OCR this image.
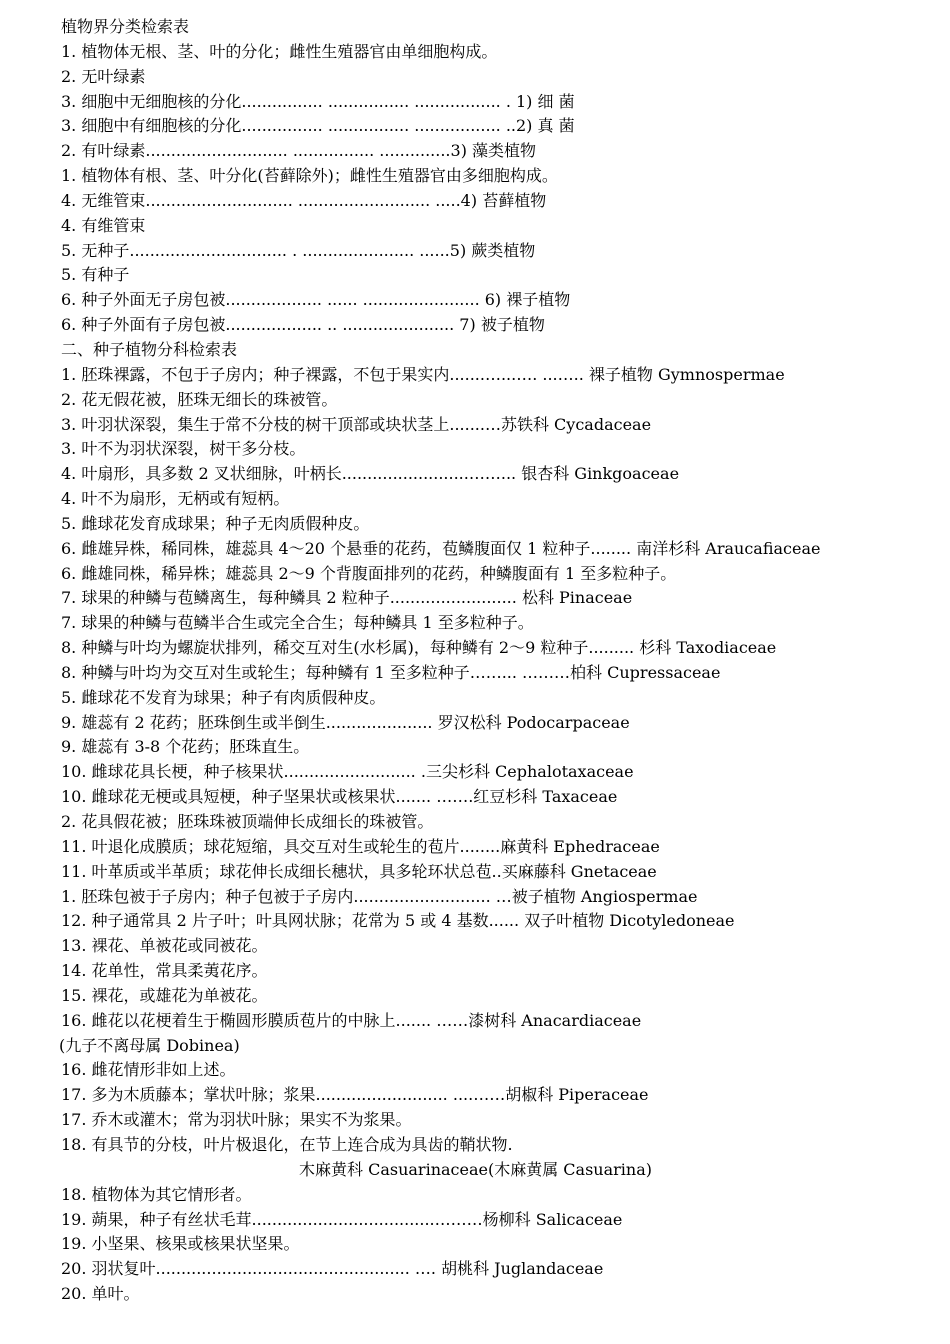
植物界分类检索表
1. 植物体无根、茎、叶的分化；雌性生殖器官由单细胞构成。
2. 无叶绿素
3. 细胞中无细胞核的分化................ ................ ................. . 1) 细 菌
3. 细胞中有细胞核的分化................ ................ ................. ..2) 真 菌
2. 有叶绿素............................ ................ ..............3) 藻类植物
1. 植物体有根、茎、叶分化(苔藓除外)；雌性生殖器官由多细胞构成。
4. 无维管束............................. .......................... .....4) 苔藓植物
4. 有维管束
5. 无种子............................... . ...................... ......5) 蕨类植物
5. 有种子
6. 种子外面无子房包被................... ...... ....................... 6) 裸子植物
6. 种子外面有子房包被................... .. ...................... 7) 被子植物
二、种子植物分科检索表
1. 胚珠裸露，不包于子房内；种子裸露，不包于果实内.......…...…. ...….. 裸子植物 Gymnospermae
2. 花无假花被，胚珠无细长的珠被管。
3. 叶羽状深裂，集生于常不分枝的树干顶部或块状茎上.......…苏铁科 Cycadaceae
3. 叶不为羽状深裂，树干多分枝。
4. 叶扇形，具多数 2 叉状细脉，叶柄长.........................……... 银杏科 Ginkgoaceae
4. 叶不为扇形，无柄或有短柄。
5. 雌球花发育成球果；种子无肉质假种皮。
6. 雌雄异株，稀同株，雄蕊具 4～20 个悬垂的花药，苞鳞腹面仅 1 粒种子........ 南洋杉科 Araucafiaceae
6. 雌雄同株，稀异株；雄蕊具 2～9 个背腹面排列的花药，种鳞腹面有 1 至多粒种子。
7. 球果的种鳞与苞鳞离生，每种鳞具 2 粒种子......................... 松科 Pinaceae
7. 球果的种鳞与苞鳞半合生或完全合生；每种鳞具 1 至多粒种子。
8. 种鳞与叶均为螺旋状排列，稀交互对生(水杉属)，每种鳞有 2～9 粒种子......... 杉科 Taxodiaceae
8. 种鳞与叶均为交互对生或轮生；每种鳞有 1 至多粒种子……... ………柏科 Cupressaceae
5. 雌球花不发育为球果；种子有肉质假种皮。
9. 雄蕊有 2 花药；胚珠倒生或半倒生..................... 罗汉松科 Podocarpaceae
9. 雄蕊有 3-8 个花药；胚珠直生。
10. 雌球花具长梗，种子核果状.......................... .三尖杉科 Cephalotaxaceae
10. 雌球花无梗或具短梗，种子坚果状或核果状....... …….红豆杉科 Taxaceae
2. 花具假花被；胚珠珠被顶端伸长成细长的珠被管。
11. 叶退化成膜质；球花短缩，具交互对生或轮生的苞片........麻黄科 Ephedraceae
11. 叶革质或半革质；球花伸长成细长穗状，具多轮环状总苞..买麻藤科 Gnetaceae
1. 胚珠包被于子房内；种子包被于子房内........................... …被子植物 Angiospermae
12. 种子通常具 2 片子叶；叶具网状脉；花常为 5 或 4 基数...... 双子叶植物 Dicotyledoneae
13. 裸花、单被花或同被花。
14. 花单性，常具柔荑花序。
15. 裸花，或雄花为单被花。
16. 雌花以花梗着生于椭圆形膜质苞片的中脉上....... ……漆树科 Anacardiaceae
(九子不离母属 Dobinea)
16. 雌花情形非如上述。
17. 多为木质藤本；掌状叶脉；浆果.......................... ....……胡椒科 Piperaceae
17. 乔木或灌木；常为羽状叶脉；果实不为浆果。
18. 有具节的分枝，叶片极退化，在节上连合成为具齿的鞘状物.
木麻黄科 Casuarinaceae(木麻黄属 Casuarina)
18. 植物体为其它情形者。
19. 蒴果，种子有丝状毛茸....................................………杨柳科 Salicaceae
19. 小坚果、核果或核果状坚果。
20. 羽状复叶.................................................. …. 胡桃科 Juglandaceae
20. 单叶。
